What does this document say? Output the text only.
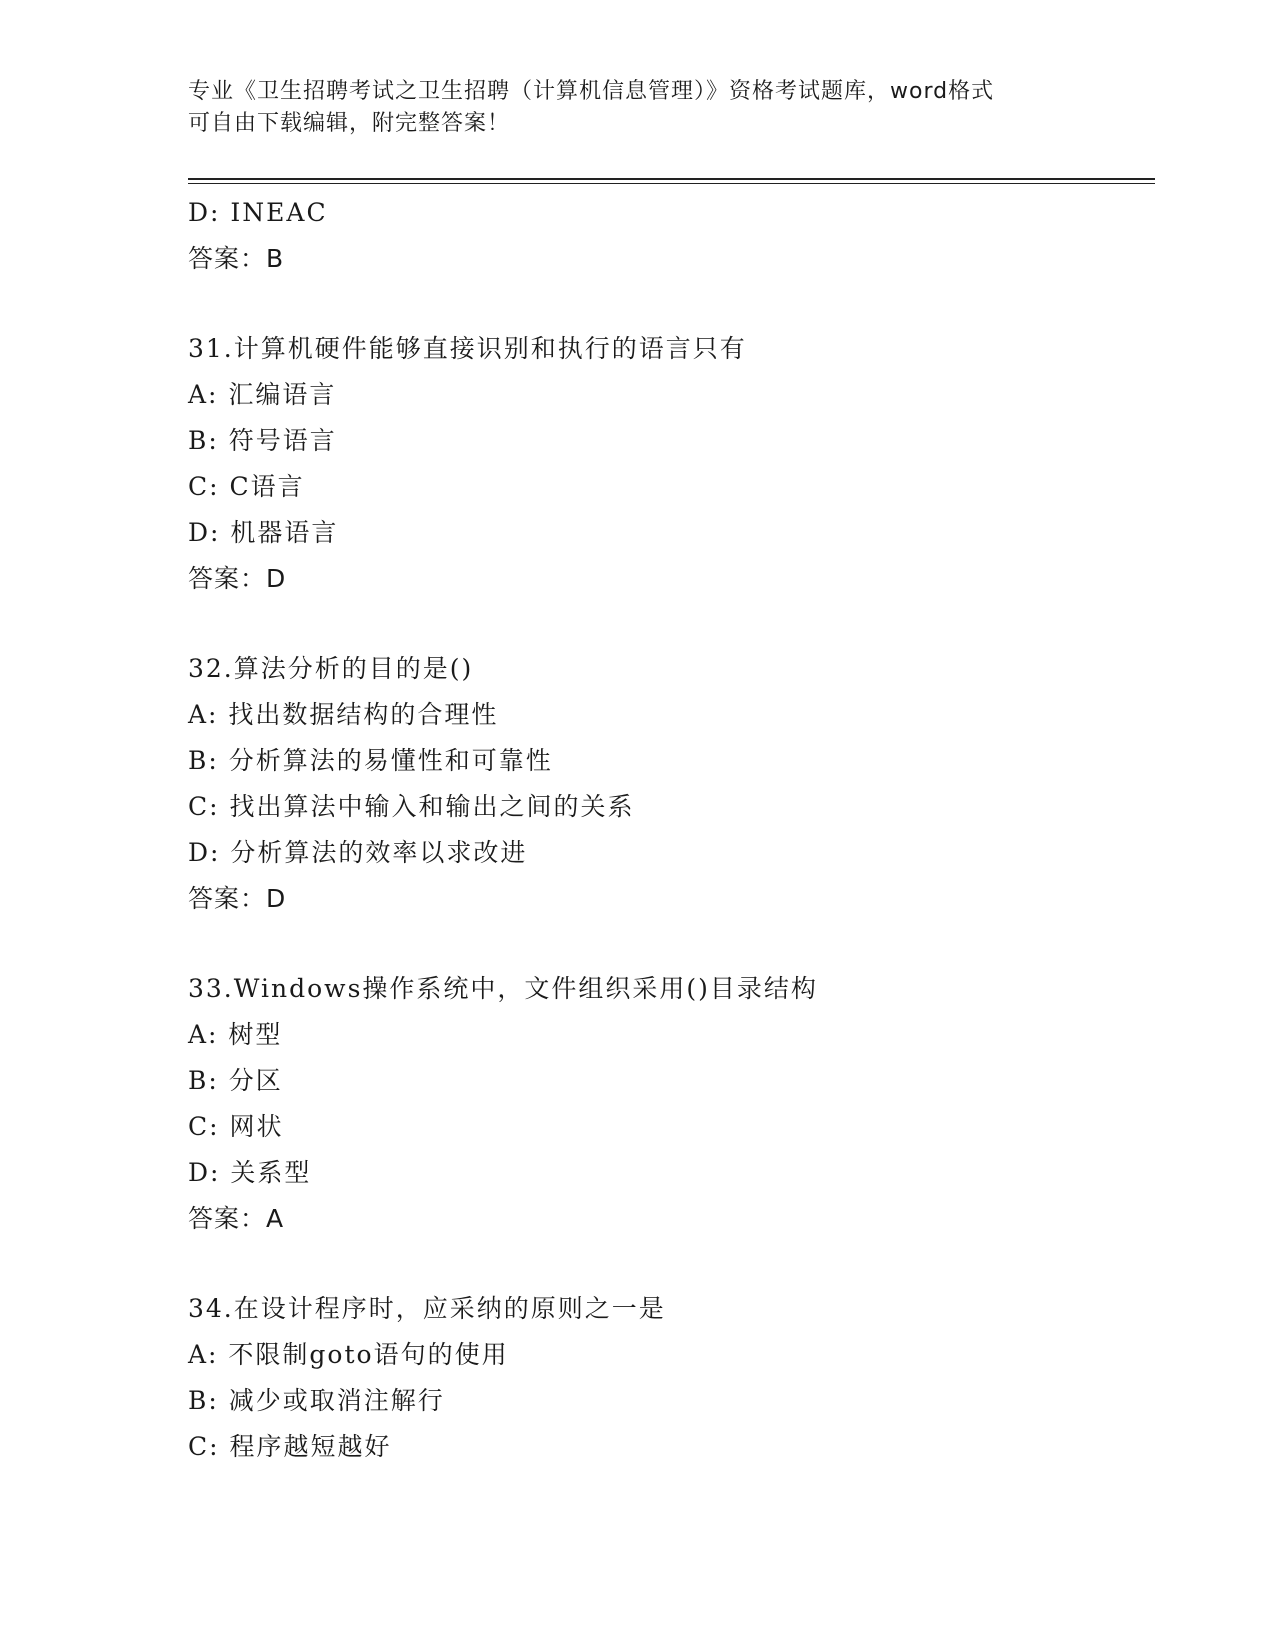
专业《卫生招聘考试之卫生招聘（计算机信息管理）》资格考试题库，word格式
可自由下载编辑，附完整答案！
D: INEAC
答案：B
31.计算机硬件能够直接识别和执行的语言只有
A: 汇编语言
B: 符号语言
C: C语言
D: 机器语言
答案：D
32.算法分析的目的是()
A: 找出数据结构的合理性
B: 分析算法的易懂性和可靠性
C: 找出算法中输入和输出之间的关系
D: 分析算法的效率以求改进
答案：D
33.Windows操作系统中，文件组织采用()目录结构
A: 树型
B: 分区
C: 网状
D: 关系型
答案：A
34.在设计程序时，应采纳的原则之一是
A: 不限制goto语句的使用
B: 减少或取消注解行
C: 程序越短越好
